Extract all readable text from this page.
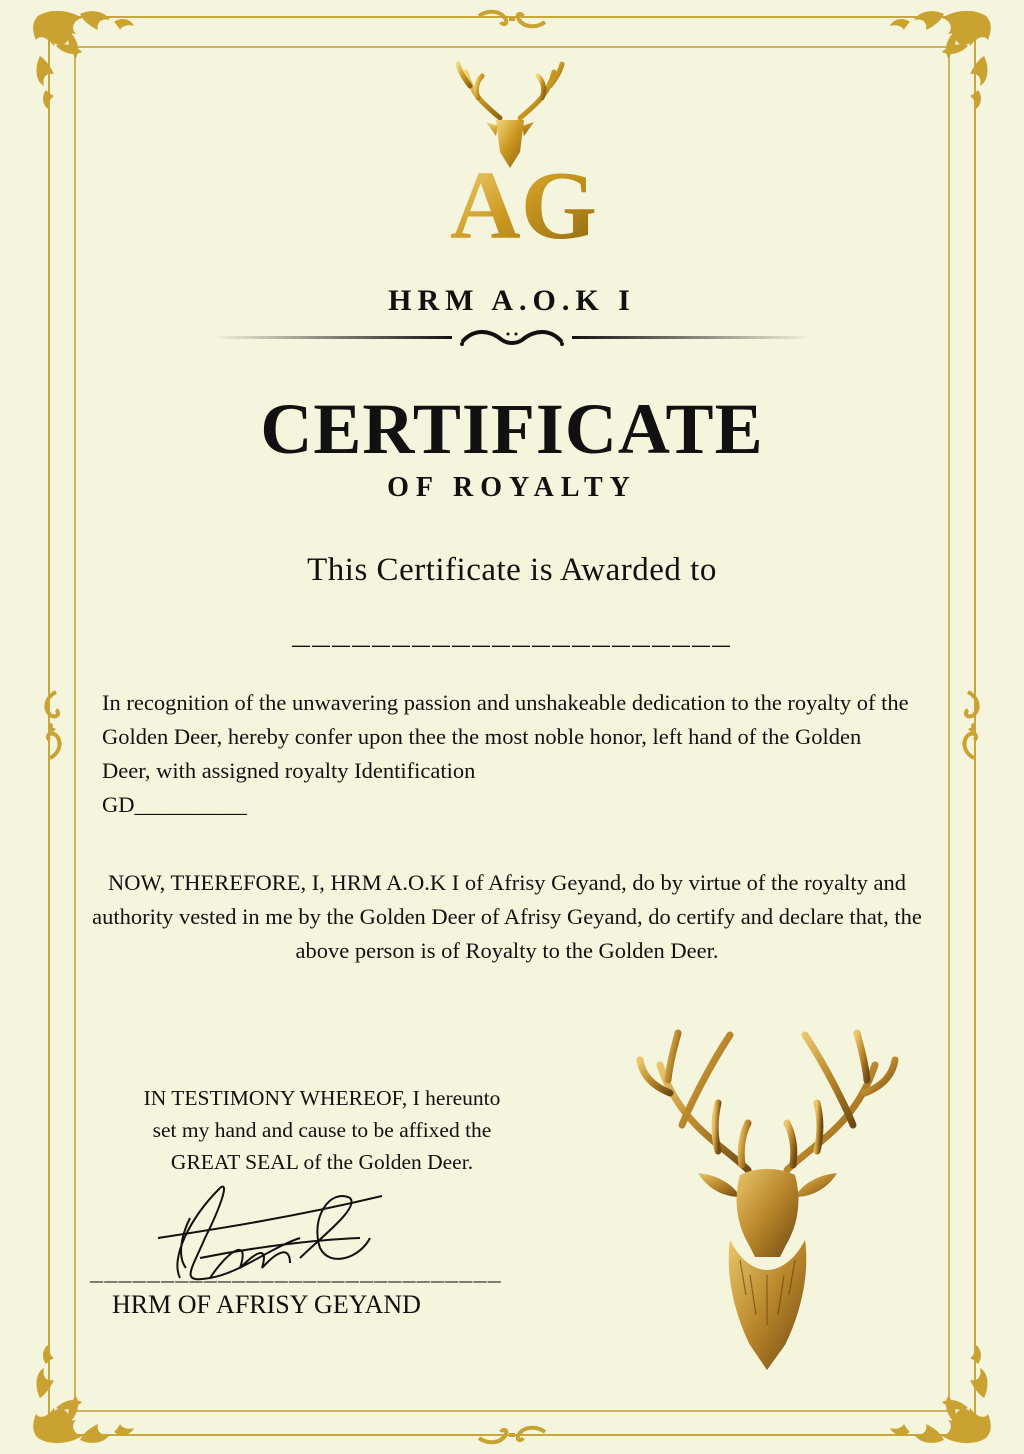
AG
HRM A.O.K I
CERTIFICATE
OF ROYALTY
This Certificate is Awarded to
______________________
In recognition of the unwavering passion and unshakeable dedication to the royalty of the Golden Deer, hereby confer upon thee the most noble honor, left hand of the Golden Deer, with assigned royalty Identification
GD__________
NOW, THEREFORE, I, HRM A.O.K I of Afrisy Geyand, do by virtue of the royalty and authority vested in me by the Golden Deer of Afrisy Geyand, do certify and declare that, the above person is of Royalty to the Golden Deer.
IN TESTIMONY WHEREOF, I hereunto
set my hand and cause to be affixed the
GREAT SEAL of the Golden Deer.
_____________________________
HRM OF AFRISY GEYAND
